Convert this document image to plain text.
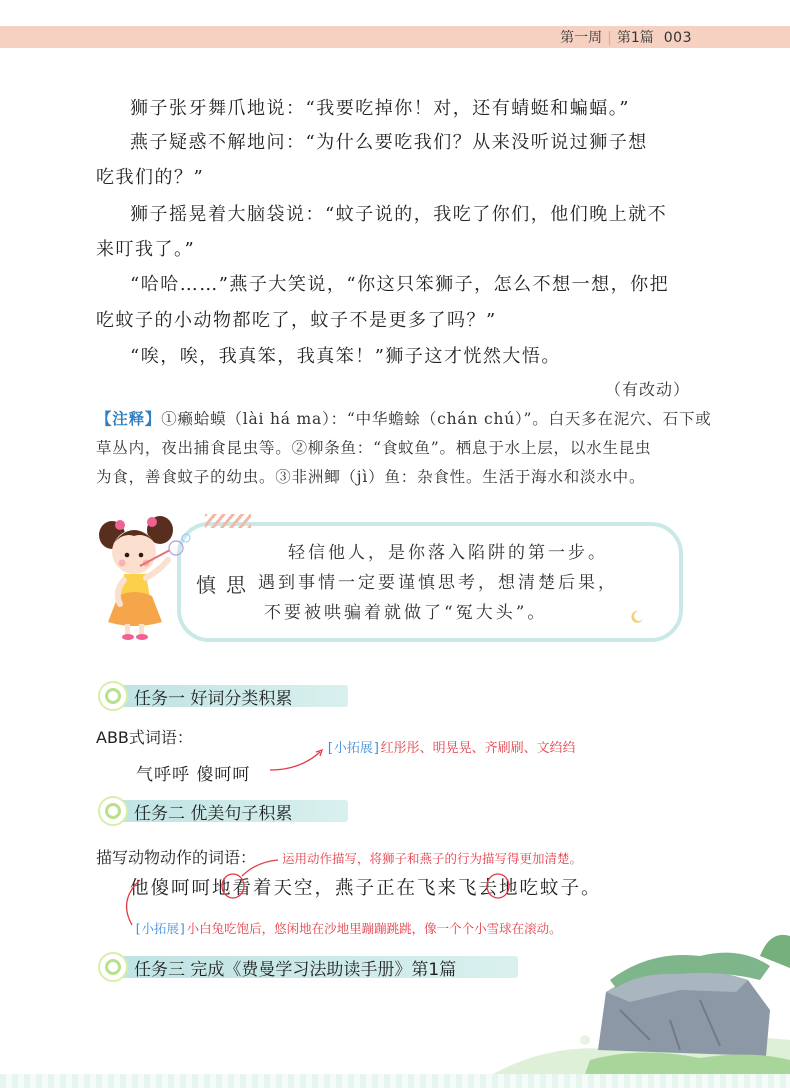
第一周 | 第1篇 003
狮子张牙舞爪地说：“我要吃掉你！对，还有蜻蜓和蝙蝠。”
燕子疑惑不解地问：“为什么要吃我们？从来没听说过狮子想
吃我们的？”
狮子摇晃着大脑袋说：“蚊子说的，我吃了你们，他们晚上就不
来叮我了。”
“哈哈……”燕子大笑说，“你这只笨狮子，怎么不想一想，你把
吃蚊子的小动物都吃了，蚊子不是更多了吗？”
“唉，唉，我真笨，我真笨！”狮子这才恍然大悟。
（有改动）
【注释】①癞蛤蟆（lài há ma）：“中华蟾蜍（chán chú）”。白天多在泥穴、石下或
草丛内，夜出捕食昆虫等。②柳条鱼：“食蚊鱼”。栖息于水上层，以水生昆虫
为食，善食蚊子的幼虫。③非洲鲫（jì）鱼：杂食性。生活于海水和淡水中。
慎思
轻信他人，是你落入陷阱的第一步。
遇到事情一定要谨慎思考，想清楚后果，
不要被哄骗着就做了“冤大头”。
任务一 好词分类积累
ABB式词语：
气呼呼 傻呵呵
[小拓展]红彤彤、明晃晃、齐刷刷、文绉绉
任务二 优美句子积累
描写动物动作的词语： 运用动作描写，将狮子和燕子的行为描写得更加清楚。
他傻呵呵地看着天空，燕子正在飞来飞去地吃蚊子。
[小拓展]小白兔吃饱后，悠闲地在沙地里蹦蹦跳跳，像一个个小雪球在滚动。
任务三 完成《费曼学习法助读手册》第1篇
